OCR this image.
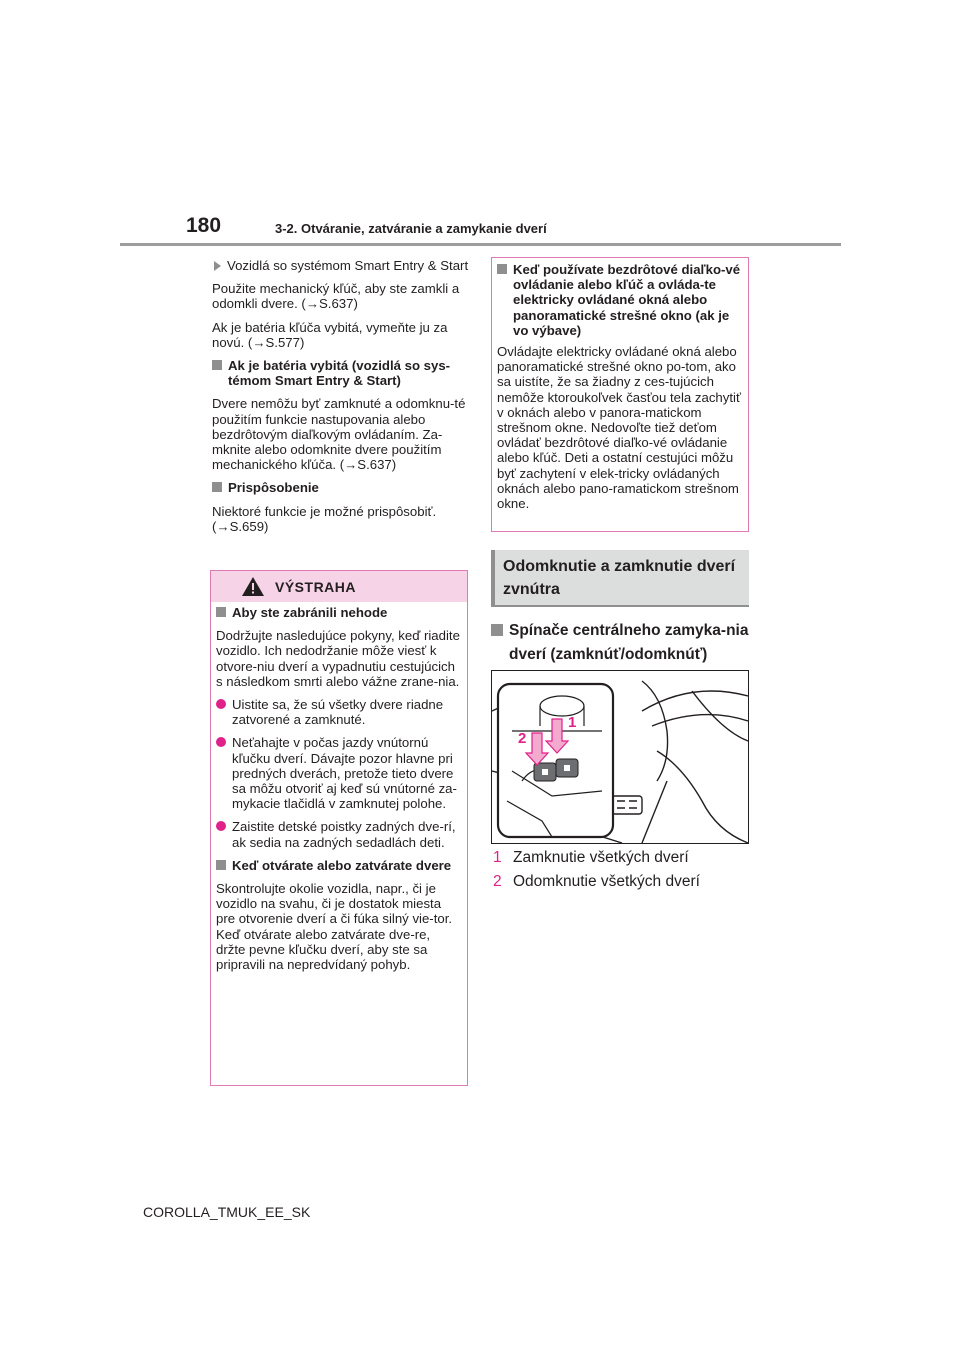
180	3-2. Otváranie, zatváranie a zamykanie dverí

Vozidlá so systémom Smart Entry & Start

Použite mechanický kľúč, aby ste zamkli a odomkli dvere. (→S.637)

Ak je batéria kľúča vybitá, vymeňte ju za novú. (→S.577)

Ak je batéria vybitá (vozidlá so sys-témom Smart Entry & Start)

Dvere nemôžu byť zamknuté a odomknu-té použitím funkcie nastupovania alebo bezdrôtovým diaľkovým ovládaním. Za-mknite alebo odomknite dvere použitím mechanického kľúča. (→S.637)

Prispôsobenie

Niektoré funkcie je možné prispôsobiť. (→S.659)

VÝSTRAHA

Aby ste zabránili nehode

Dodržujte nasledujúce pokyny, keď riadite vozidlo. Ich nedodržanie môže viesť k otvore-niu dverí a vypadnutiu cestujúcich s následkom smrti alebo vážne zrane-nia.

Uistite sa, že sú všetky dvere riadne zatvorené a zamknuté.

Neťahajte v počas jazdy vnútornú kľučku dverí. Dávajte pozor hlavne pri predných dverách, pretože tieto dvere sa môžu otvoriť aj keď sú vnútorné za-mykacie tlačidlá v zamknutej polohe.

Zaistite detské poistky zadných dve-rí, ak sedia na zadných sedadlách deti.

Keď otvárate alebo zatvárate dvere

Skontrolujte okolie vozidla, napr., či je vozidlo na svahu, či je dostatok miesta pre otvorenie dverí a či fúka silný vie-tor. Keď otvárate alebo zatvárate dve-re, držte pevne kľučku dverí, aby ste sa pripravili na nepredvídaný pohyb.

Keď používate bezdrôtové diaľko-vé ovládanie alebo kľúč a ovláda-te elektricky ovládané okná alebo panoramatické strešné okno (ak je vo výbave)

Ovládajte elektricky ovládané okná alebo panoramatické strešné okno po-tom, ako sa uistíte, že sa žiadny z ces-tujúcich nemôže ktoroukoľvek časťou tela zachytiť v oknách alebo v panora-matickom strešnom okne. Nedovoľte tiež deťom ovládať bezdrôtové diaľko-vé ovládanie alebo kľúč. Deti a ostatní cestujúci môžu byť zachytení v elek-tricky ovládaných oknách alebo pano-ramatickom strešnom okne.

Odomknutie a zamknutie dverí zvnútra
Spínače centrálneho zamyka-nia dverí (zamknúť/odomknúť)
1
2
1 Zamknutie všetkých dverí
2 Odomknutie všetkých dverí
COROLLA_TMUK_EE_SK
